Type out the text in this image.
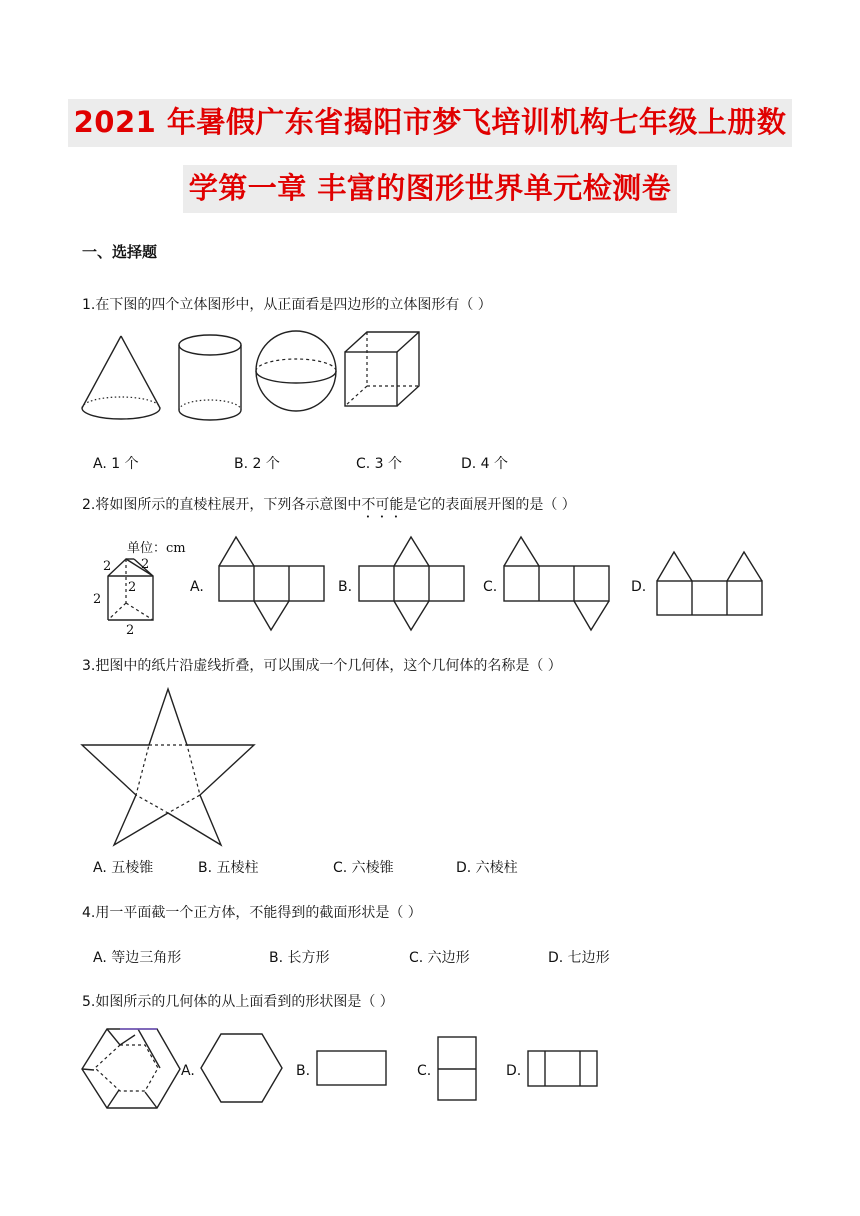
2021 年暑假广东省揭阳市梦飞培训机构七年级上册数
学第一章 丰富的图形世界单元检测卷
一、选择题
1.在下图的四个立体图形中，从正面看是四边形的立体图形有（ ）
A. 1 个	B. 2 个	C. 3 个	D. 4 个
2.将如图所示的直棱柱展开，下列各示意图中不可能是它的表面展开图的是（ ）
单位：cm
2 2
2
2
2
A.	B.	C.	D.
3.把图中的纸片沿虚线折叠，可以围成一个几何体，这个几何体的名称是（ ）
A. 五棱锥	B. 五棱柱	C. 六棱锥	D. 六棱柱
4.用一平面截一个正方体，不能得到的截面形状是（ ）
A. 等边三角形	B. 长方形	C. 六边形	D. 七边形
5.如图所示的几何体的从上面看到的形状图是（ ）
A.	B.	C.	D.
